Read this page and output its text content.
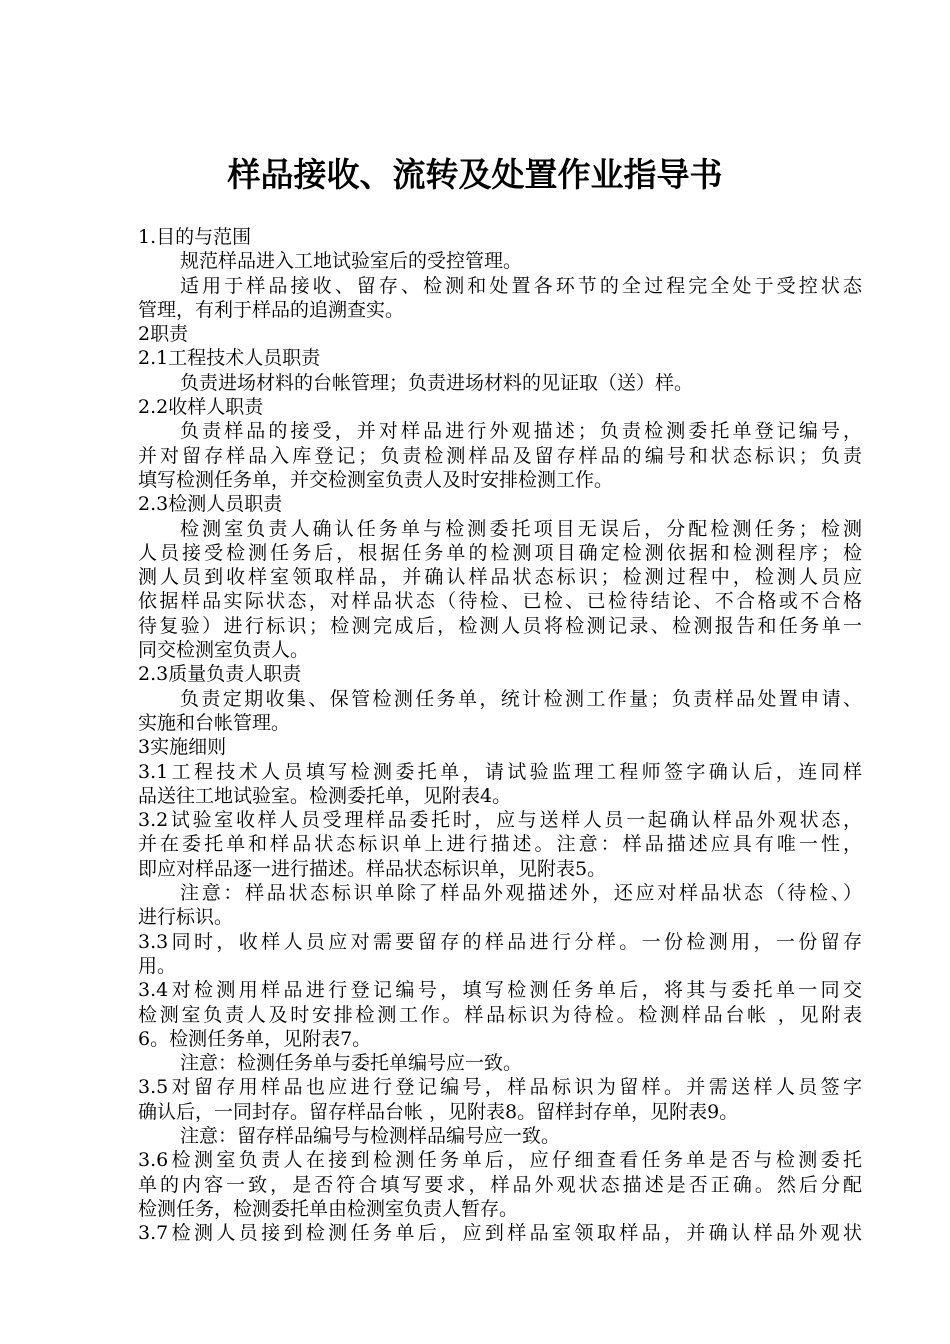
样品接收、流转及处置作业指导书
1.目的与范围
规范样品进入工地试验室后的受控管理。
适用于样品接收、留存、检测和处置各环节的全过程完全处于受控状态
管理，有利于样品的追溯查实。
2职责
2.1工程技术人员职责
负责进场材料的台帐管理；负责进场材料的见证取（送）样。
2.2收样人职责
负责样品的接受，并对样品进行外观描述；负责检测委托单登记编号，
并对留存样品入库登记；负责检测样品及留存样品的编号和状态标识；负责
填写检测任务单，并交检测室负责人及时安排检测工作。
2.3检测人员职责
检测室负责人确认任务单与检测委托项目无误后，分配检测任务；检测
人员接受检测任务后，根据任务单的检测项目确定检测依据和检测程序；检
测人员到收样室领取样品，并确认样品状态标识；检测过程中，检测人员应
依据样品实际状态，对样品状态（待检、已检、已检待结论、不合格或不合格
待复验）进行标识；检测完成后，检测人员将检测记录、检测报告和任务单一
同交检测室负责人。
2.3质量负责人职责
负责定期收集、保管检测任务单，统计检测工作量；负责样品处置申请、
实施和台帐管理。
3实施细则
3.1工程技术人员填写检测委托单，请试验监理工程师签字确认后，连同样
品送往工地试验室。检测委托单，见附表4。
3.2试验室收样人员受理样品委托时，应与送样人员一起确认样品外观状态，
并在委托单和样品状态标识单上进行描述。注意：样品描述应具有唯一性，
即应对样品逐一进行描述。样品状态标识单，见附表5。
注意：样品状态标识单除了样品外观描述外，还应对样品状态（待检、）
进行标识。
3.3同时，收样人员应对需要留存的样品进行分样。一份检测用，一份留存
用。
3.4对检测用样品进行登记编号，填写检测任务单后，将其与委托单一同交
检测室负责人及时安排检测工作。样品标识为待检。检测样品台帐 ，见附表
6。检测任务单，见附表7。
注意：检测任务单与委托单编号应一致。
3.5对留存用样品也应进行登记编号，样品标识为留样。并需送样人员签字
确认后，一同封存。留存样品台帐 ，见附表8。留样封存单，见附表9。
注意：留存样品编号与检测样品编号应一致。
3.6检测室负责人在接到检测任务单后，应仔细查看任务单是否与检测委托
单的内容一致，是否符合填写要求，样品外观状态描述是否正确。然后分配
检测任务，检测委托单由检测室负责人暂存。
3.7检测人员接到检测任务单后，应到样品室领取样品，并确认样品外观状
